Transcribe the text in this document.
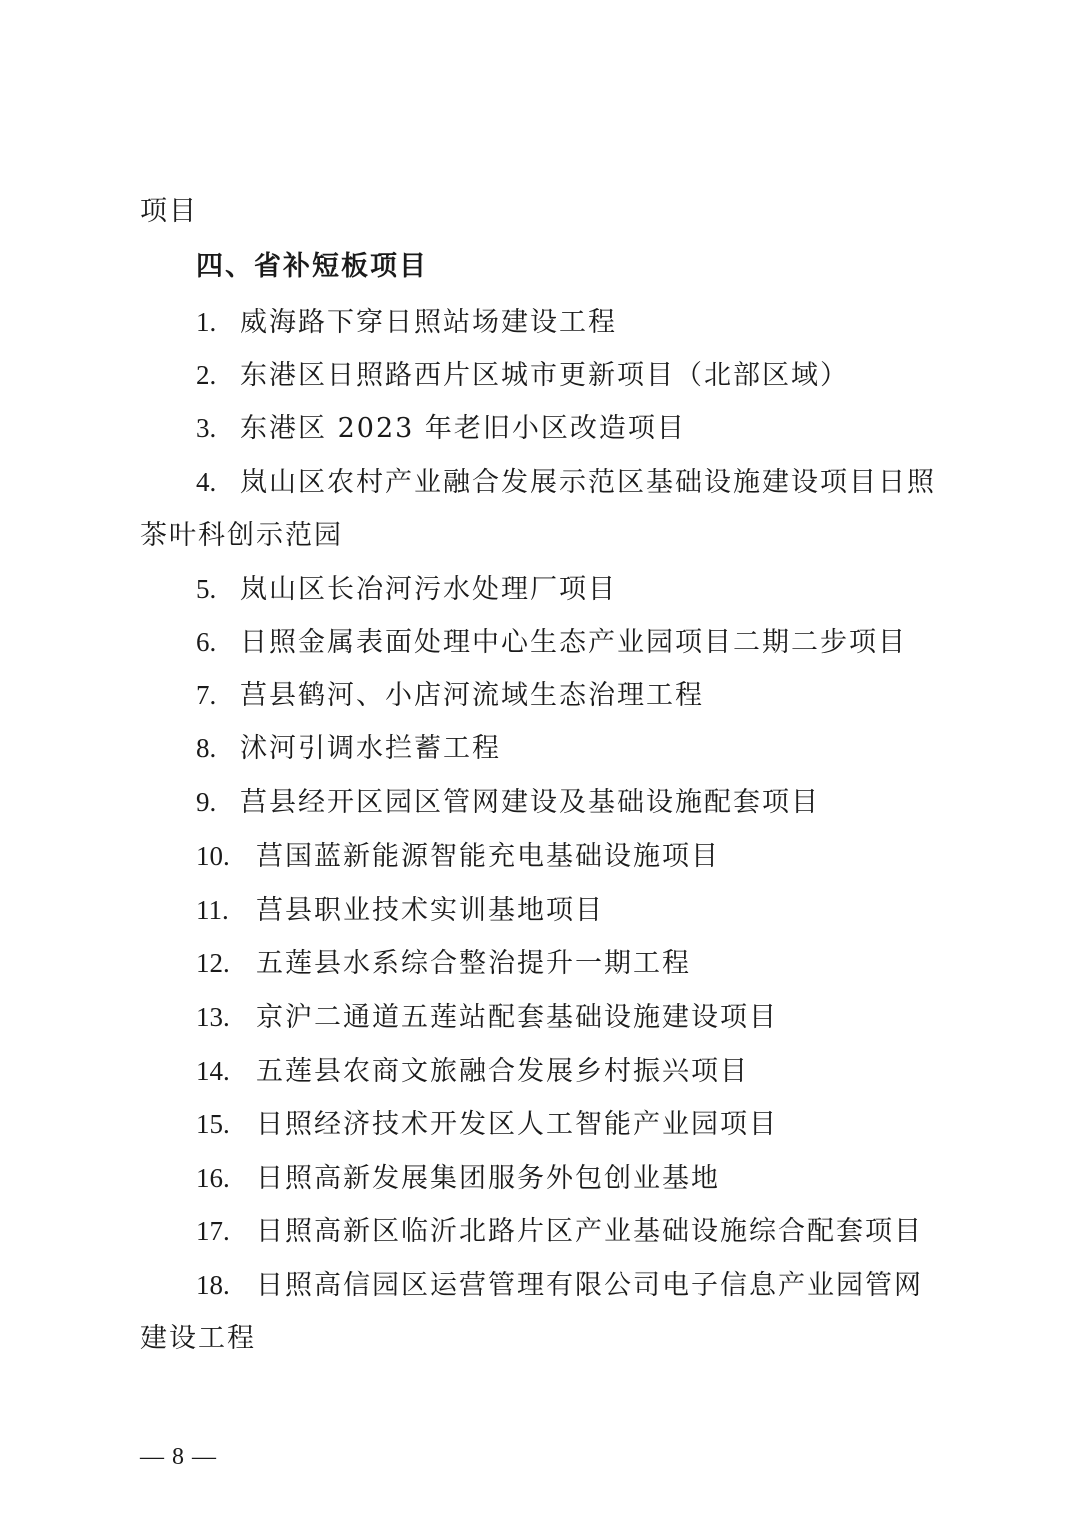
项目

四、省补短板项目

1. 威海路下穿日照站场建设工程

2. 东港区日照路西片区城市更新项目（北部区域）

3. 东港区 2023 年老旧小区改造项目

4. 岚山区农村产业融合发展示范区基础设施建设项目日照

茶叶科创示范园

5. 岚山区长冶河污水处理厂项目

6. 日照金属表面处理中心生态产业园项目二期二步项目

7. 莒县鹤河、小店河流域生态治理工程

8. 沭河引调水拦蓄工程

9. 莒县经开区园区管网建设及基础设施配套项目

10. 莒国蓝新能源智能充电基础设施项目

11. 莒县职业技术实训基地项目

12. 五莲县水系综合整治提升一期工程

13. 京沪二通道五莲站配套基础设施建设项目

14. 五莲县农商文旅融合发展乡村振兴项目

15. 日照经济技术开发区人工智能产业园项目

16. 日照高新发展集团服务外包创业基地

17. 日照高新区临沂北路片区产业基础设施综合配套项目

18. 日照高信园区运营管理有限公司电子信息产业园管网

建设工程

— 8 —
